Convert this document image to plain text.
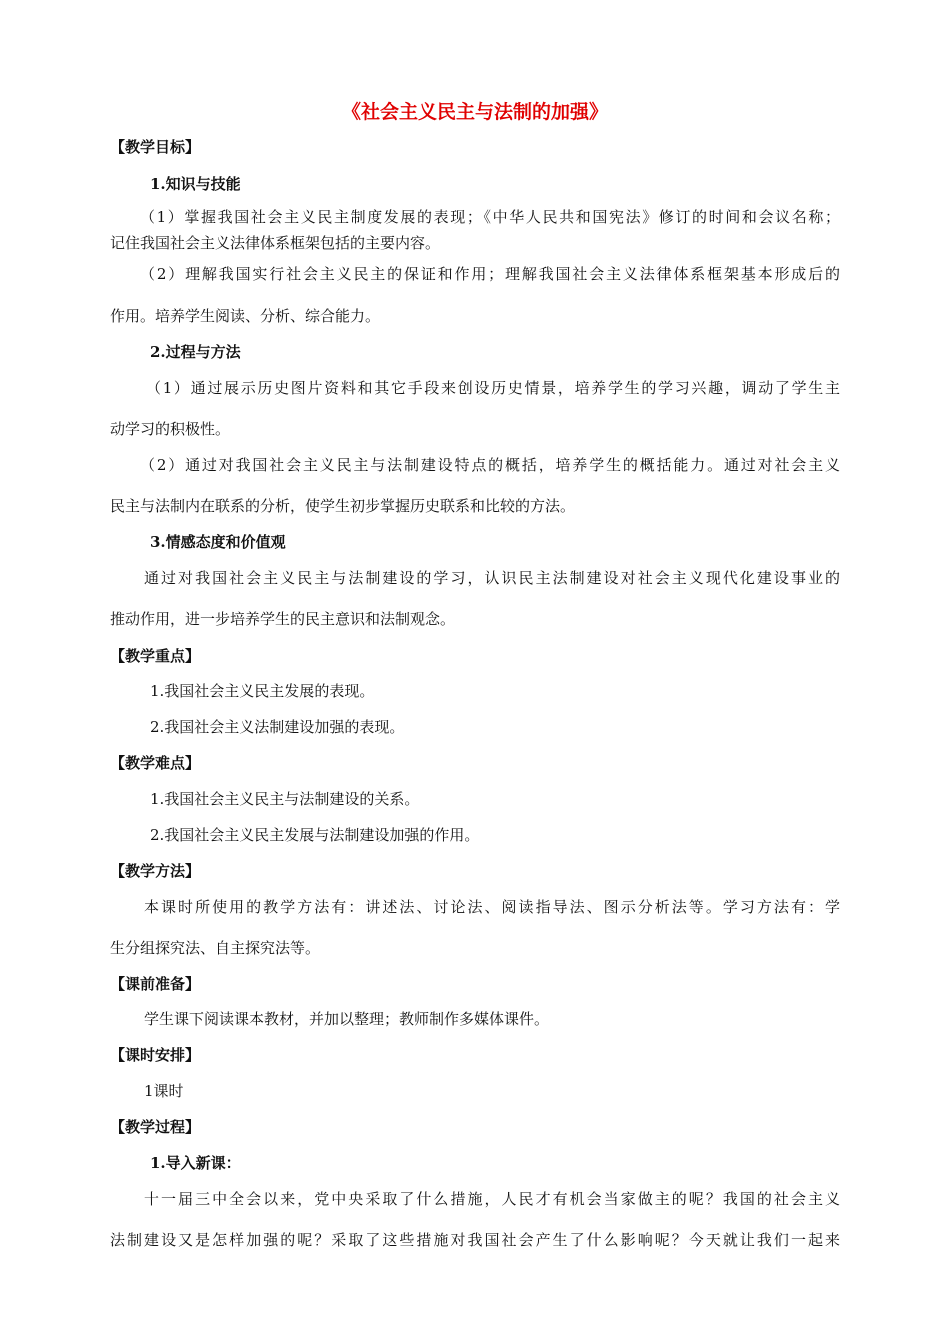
《社会主义民主与法制的加强》
【教学目标】
1.知识与技能
（1）掌握我国社会主义民主制度发展的表现；《中华人民共和国宪法》修订的时间和会议名称；
记住我国社会主义法律体系框架包括的主要内容。
（2）理解我国实行社会主义民主的保证和作用；理解我国社会主义法律体系框架基本形成后的
作用。培养学生阅读、分析、综合能力。
2.过程与方法
（1）通过展示历史图片资料和其它手段来创设历史情景，培养学生的学习兴趣，调动了学生主
动学习的积极性。
（2）通过对我国社会主义民主与法制建设特点的概括，培养学生的概括能力。通过对社会主义
民主与法制内在联系的分析，使学生初步掌握历史联系和比较的方法。
3.情感态度和价值观
通过对我国社会主义民主与法制建设的学习，认识民主法制建设对社会主义现代化建设事业的
推动作用，进一步培养学生的民主意识和法制观念。
【教学重点】
1.我国社会主义民主发展的表现。
2.我国社会主义法制建设加强的表现。
【教学难点】
1.我国社会主义民主与法制建设的关系。
2.我国社会主义民主发展与法制建设加强的作用。
【教学方法】
本课时所使用的教学方法有：讲述法、讨论法、阅读指导法、图示分析法等。学习方法有：学
生分组探究法、自主探究法等。
【课前准备】
学生课下阅读课本教材，并加以整理；教师制作多媒体课件。
【课时安排】
1课时
【教学过程】
1.导入新课：
十一届三中全会以来，党中央采取了什么措施，人民才有机会当家做主的呢？我国的社会主义
法制建设又是怎样加强的呢？采取了这些措施对我国社会产生了什么影响呢？今天就让我们一起来
